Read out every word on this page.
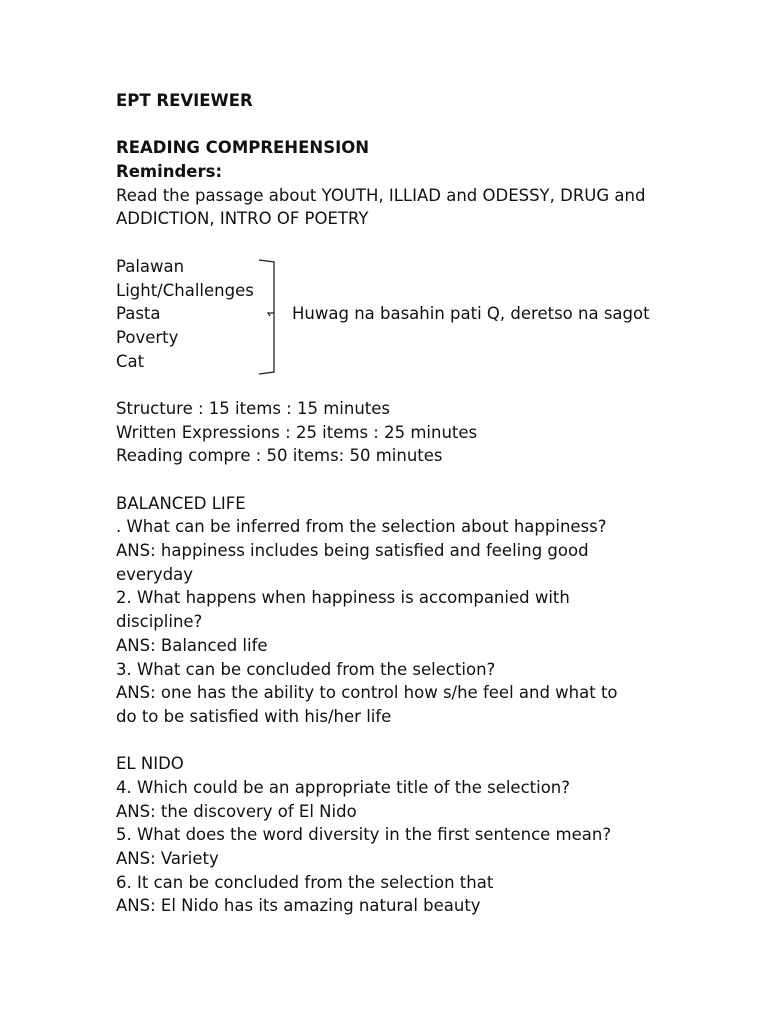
EPT REVIEWER
READING COMPREHENSION
Reminders:
Read the passage about YOUTH, ILLIAD and ODESSY, DRUG and
ADDICTION, INTRO OF POETRY
Palawan
Light/Challenges
Pasta
Poverty
Cat
Structure : 15 items : 15 minutes
Written Expressions : 25 items : 25 minutes
Reading compre : 50 items: 50 minutes
BALANCED LIFE
. What can be inferred from the selection about happiness?
ANS: happiness includes being satisfied and feeling good
everyday
2. What happens when happiness is accompanied with
discipline?
ANS: Balanced life
3. What can be concluded from the selection?
ANS: one has the ability to control how s/he feel and what to
do to be satisfied with his/her life
EL NIDO
4. Which could be an appropriate title of the selection?
ANS: the discovery of El Nido
5. What does the word diversity in the first sentence mean?
ANS: Variety
6. It can be concluded from the selection that
ANS: El Nido has its amazing natural beauty
Huwag na basahin pati Q, deretso na sagot
